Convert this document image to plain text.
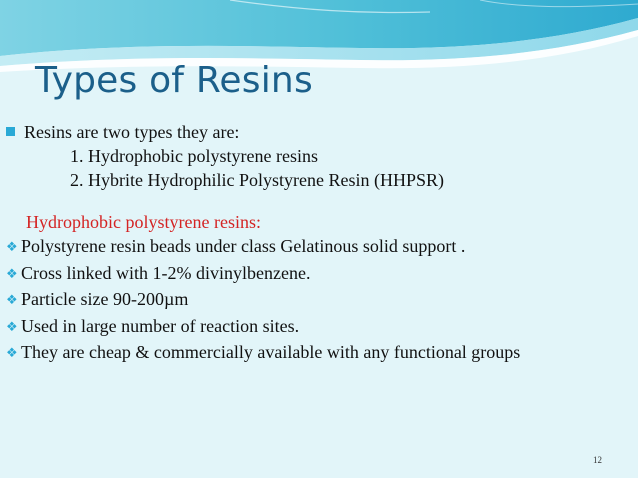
Types of Resins
Resins are two types they are:
1. Hydrophobic polystyrene resins
2. Hybrite Hydrophilic Polystyrene Resin (HHPSR)
Hydrophobic polystyrene resins:
❖ Polystyrene resin beads under class Gelatinous solid support .
❖ Cross linked with 1-2% divinylbenzene.
❖ Particle size 90-200µm
❖ Used in large number of reaction sites.
❖ They are cheap & commercially available with any functional groups
12
